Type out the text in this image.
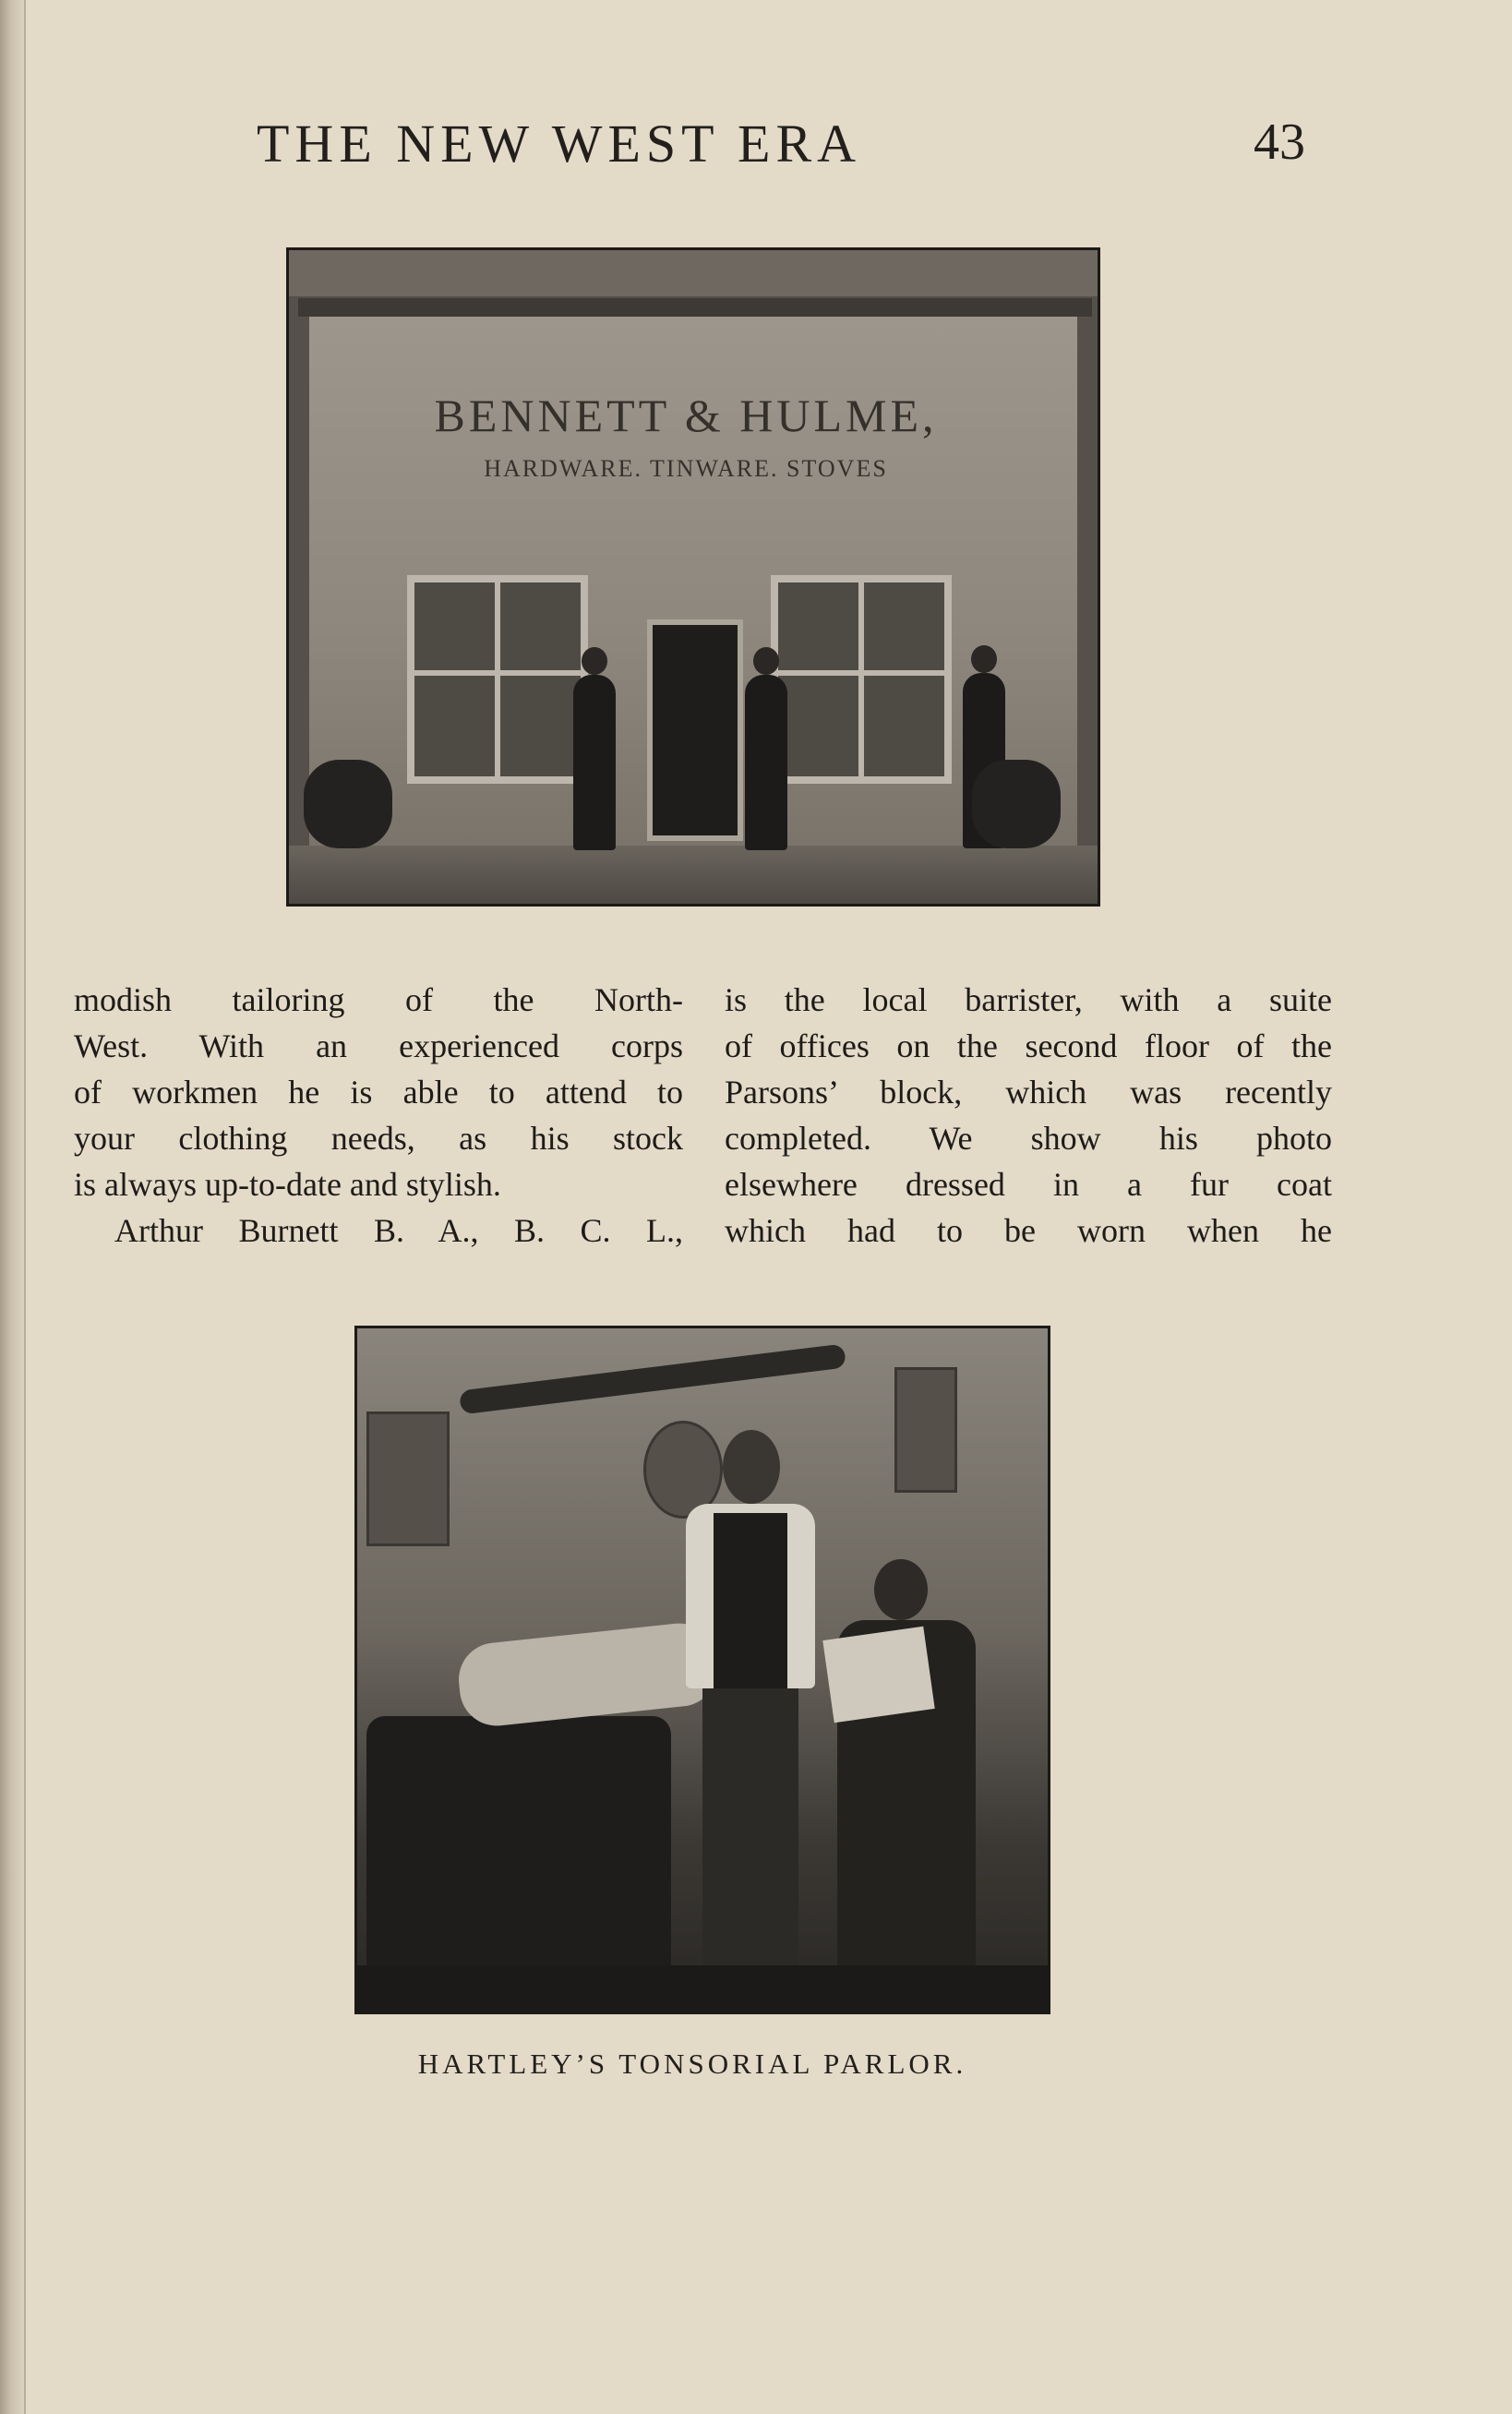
THE NEW WEST ERA	43
BENNETT & HULME,
HARDWARE. TINWARE. STOVES
modish tailoring of the North-
West. With an experienced corps
of workmen he is able to attend to
your clothing needs, as his stock
is always up-to-date and stylish.
Arthur Burnett B. A., B. C. L.,
is the local barrister, with a suite
of offices on the second floor of the
Parsons’ block, which was recently
completed. We show his photo
elsewhere dressed in a fur coat
which had to be worn when he
HARTLEY’S TONSORIAL PARLOR.
